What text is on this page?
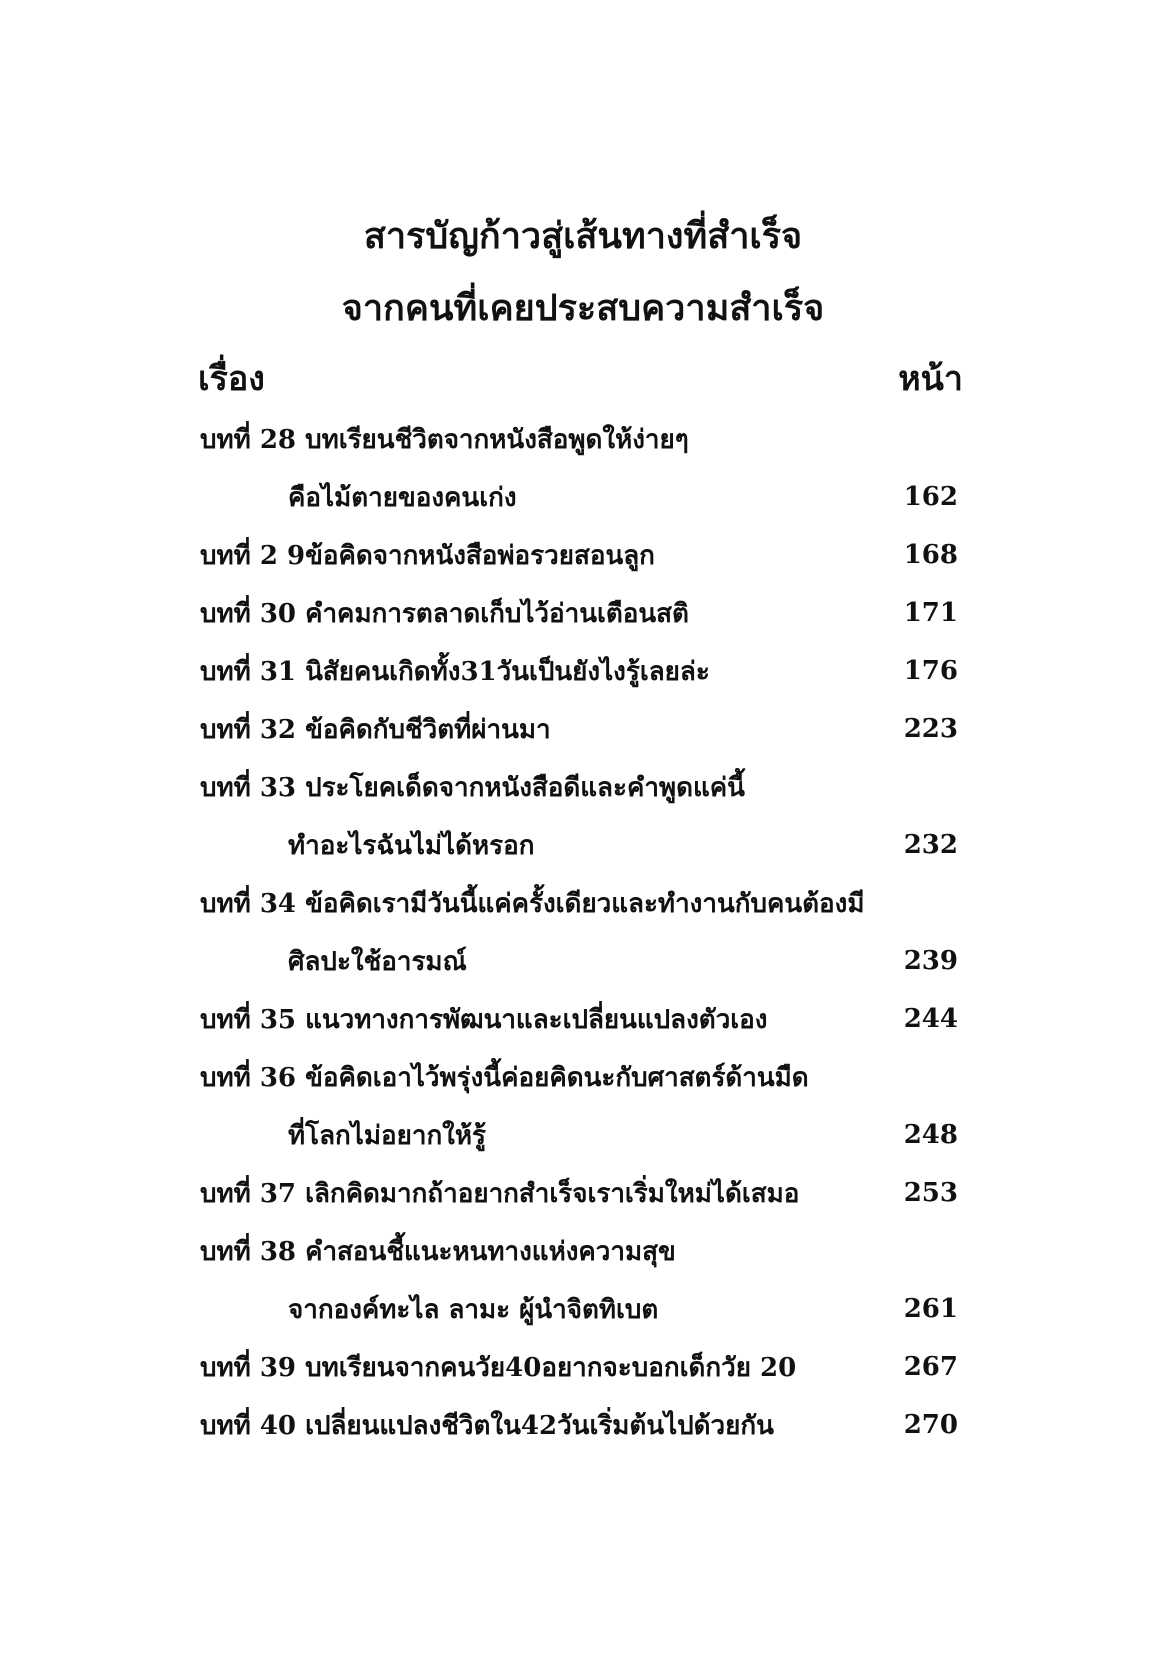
สารบัญก้าวสู่เส้นทางที่สำเร็จ
จากคนที่เคยประสบความสำเร็จ
เรื่อง	หน้า
บทที่ 28 บทเรียนชีวิตจากหนังสือพูดให้ง่ายๆ
คือไม้ตายของคนเก่ง	162
บทที่ 2 9ข้อคิดจากหนังสือพ่อรวยสอนลูก	168
บทที่ 30 คำคมการตลาดเก็บไว้อ่านเตือนสติ	171
บทที่ 31 นิสัยคนเกิดทั้ง31วันเป็นยังไงรู้เลยล่ะ	176
บทที่ 32 ข้อคิดกับชีวิตที่ผ่านมา	223
บทที่ 33 ประโยคเด็ดจากหนังสือดีและคำพูดแค่นี้
ทำอะไรฉันไม่ได้หรอก	232
บทที่ 34 ข้อคิดเรามีวันนี้แค่ครั้งเดียวและทำงานกับคนต้องมี
ศิลปะใช้อารมณ์	239
บทที่ 35 แนวทางการพัฒนาและเปลี่ยนแปลงตัวเอง	244
บทที่ 36 ข้อคิดเอาไว้พรุ่งนี้ค่อยคิดนะกับศาสตร์ด้านมืด
ที่โลกไม่อยากให้รู้	248
บทที่ 37 เลิกคิดมากถ้าอยากสำเร็จเราเริ่มใหม่ได้เสมอ	253
บทที่ 38 คำสอนชี้แนะหนทางแห่งความสุข
จากองค์ทะไล ลามะ ผู้นำจิตทิเบต	261
บทที่ 39 บทเรียนจากคนวัย40อยากจะบอกเด็กวัย 20	267
บทที่ 40 เปลี่ยนแปลงชีวิตใน42วันเริ่มต้นไปด้วยกัน	270
